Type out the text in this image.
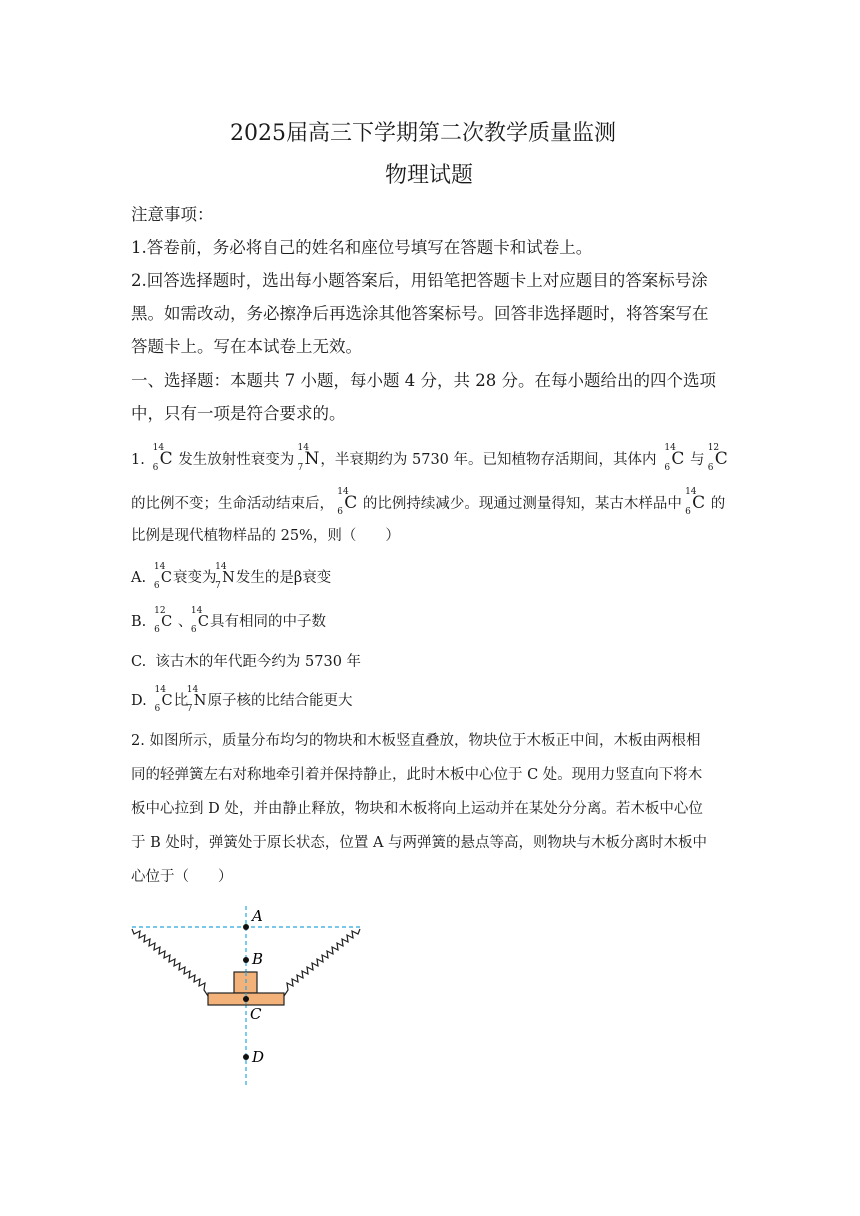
2025届高三下学期第二次教学质量监测
物理试题
注意事项：
1.答卷前，务必将自己的姓名和座位号填写在答题卡和试卷上。
2.回答选择题时，选出每小题答案后，用铅笔把答题卡上对应题目的答案标号涂
黑。如需改动，务必擦净后再选涂其他答案标号。回答非选择题时，将答案写在
答题卡上。写在本试卷上无效。
一、选择题：本题共 7 小题，每小题 4 分，共 28 分。在每小题给出的四个选项
中，只有一项是符合要求的。
1.
14
6 C 发生放射性衰变为
14
7 N，半衰期约为 5730 年。已知植物存活期间，其体内
14
6 C 与
12
6 C
的比例不变；生命活动结束后，
14
6 C 的比例持续减少。现通过测量得知，某古木样品中
14
6 C 的
比例是现代植物样品的 25%，则（　　）
A.
14
6 C衰变为
14
7 N发生的是β衰变
B.
12
6 C 、
14
6 C具有相同的中子数
C. 该古木的年代距今约为 5730 年
D.
14
6 C比
14
7 N原子核的比结合能更大
2. 如图所示，质量分布均匀的物块和木板竖直叠放，物块位于木板正中间，木板由两根相
同的轻弹簧左右对称地牵引着并保持静止，此时木板中心位于 C 处。现用力竖直向下将木
板中心拉到 D 处，并由静止释放，物块和木板将向上运动并在某处分分离。若木板中心位
于 B 处时，弹簧处于原长状态，位置 A 与两弹簧的悬点等高，则物块与木板分离时木板中
心位于（　　）
A
B
C
D
